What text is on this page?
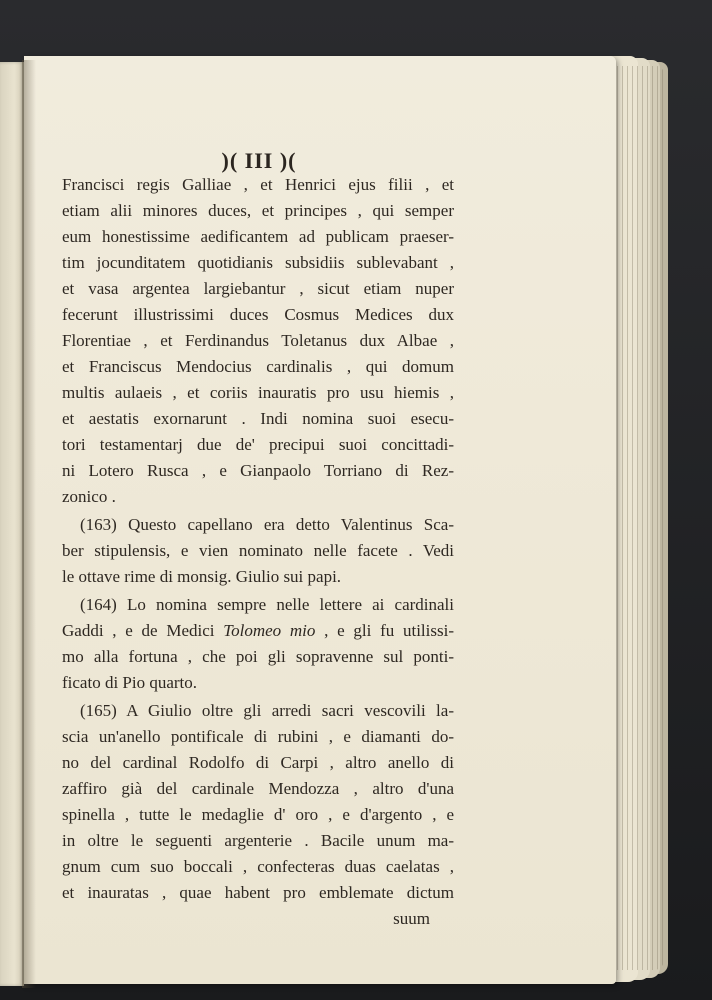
)( III )(
Francisci regis Galliae , et Henrici ejus filii , et
etiam alii minores duces, et principes , qui semper
eum honestissime aedificantem ad publicam praeser-
tim jocunditatem quotidianis subsidiis sublevabant ,
et vasa argentea largiebantur , sicut etiam nuper
fecerunt illustrissimi duces Cosmus Medices dux
Florentiae , et Ferdinandus Toletanus dux Albae ,
et Franciscus Mendocius cardinalis , qui domum
multis aulaeis , et coriis inauratis pro usu hiemis ,
et aestatis exornarunt . Indi nomina suoi esecu-
tori testamentarj due de' precipui suoi concittadi-
ni Lotero Rusca , e Gianpaolo Torriano di Rez-
zonico .
(163) Questo capellano era detto Valentinus Sca-
ber stipulensis, e vien nominato nelle facete . Vedi
le ottave rime di monsig. Giulio sui papi.
(164) Lo nomina sempre nelle lettere ai cardinali
Gaddi , e de Medici Tolomeo mio , e gli fu utilissi-
mo alla fortuna , che poi gli sopravenne sul ponti-
ficato di Pio quarto.
(165) A Giulio oltre gli arredi sacri vescovili la-
scia un'anello pontificale di rubini , e diamanti do-
no del cardinal Rodolfo di Carpi , altro anello di
zaffiro già del cardinale Mendozza , altro d'una
spinella , tutte le medaglie d' oro , e d'argento , e
in oltre le seguenti argenterie . Bacile unum ma-
gnum cum suo boccali , confecteras duas caelatas ,
et inauratas , quae habent pro emblemate dictum
suum
